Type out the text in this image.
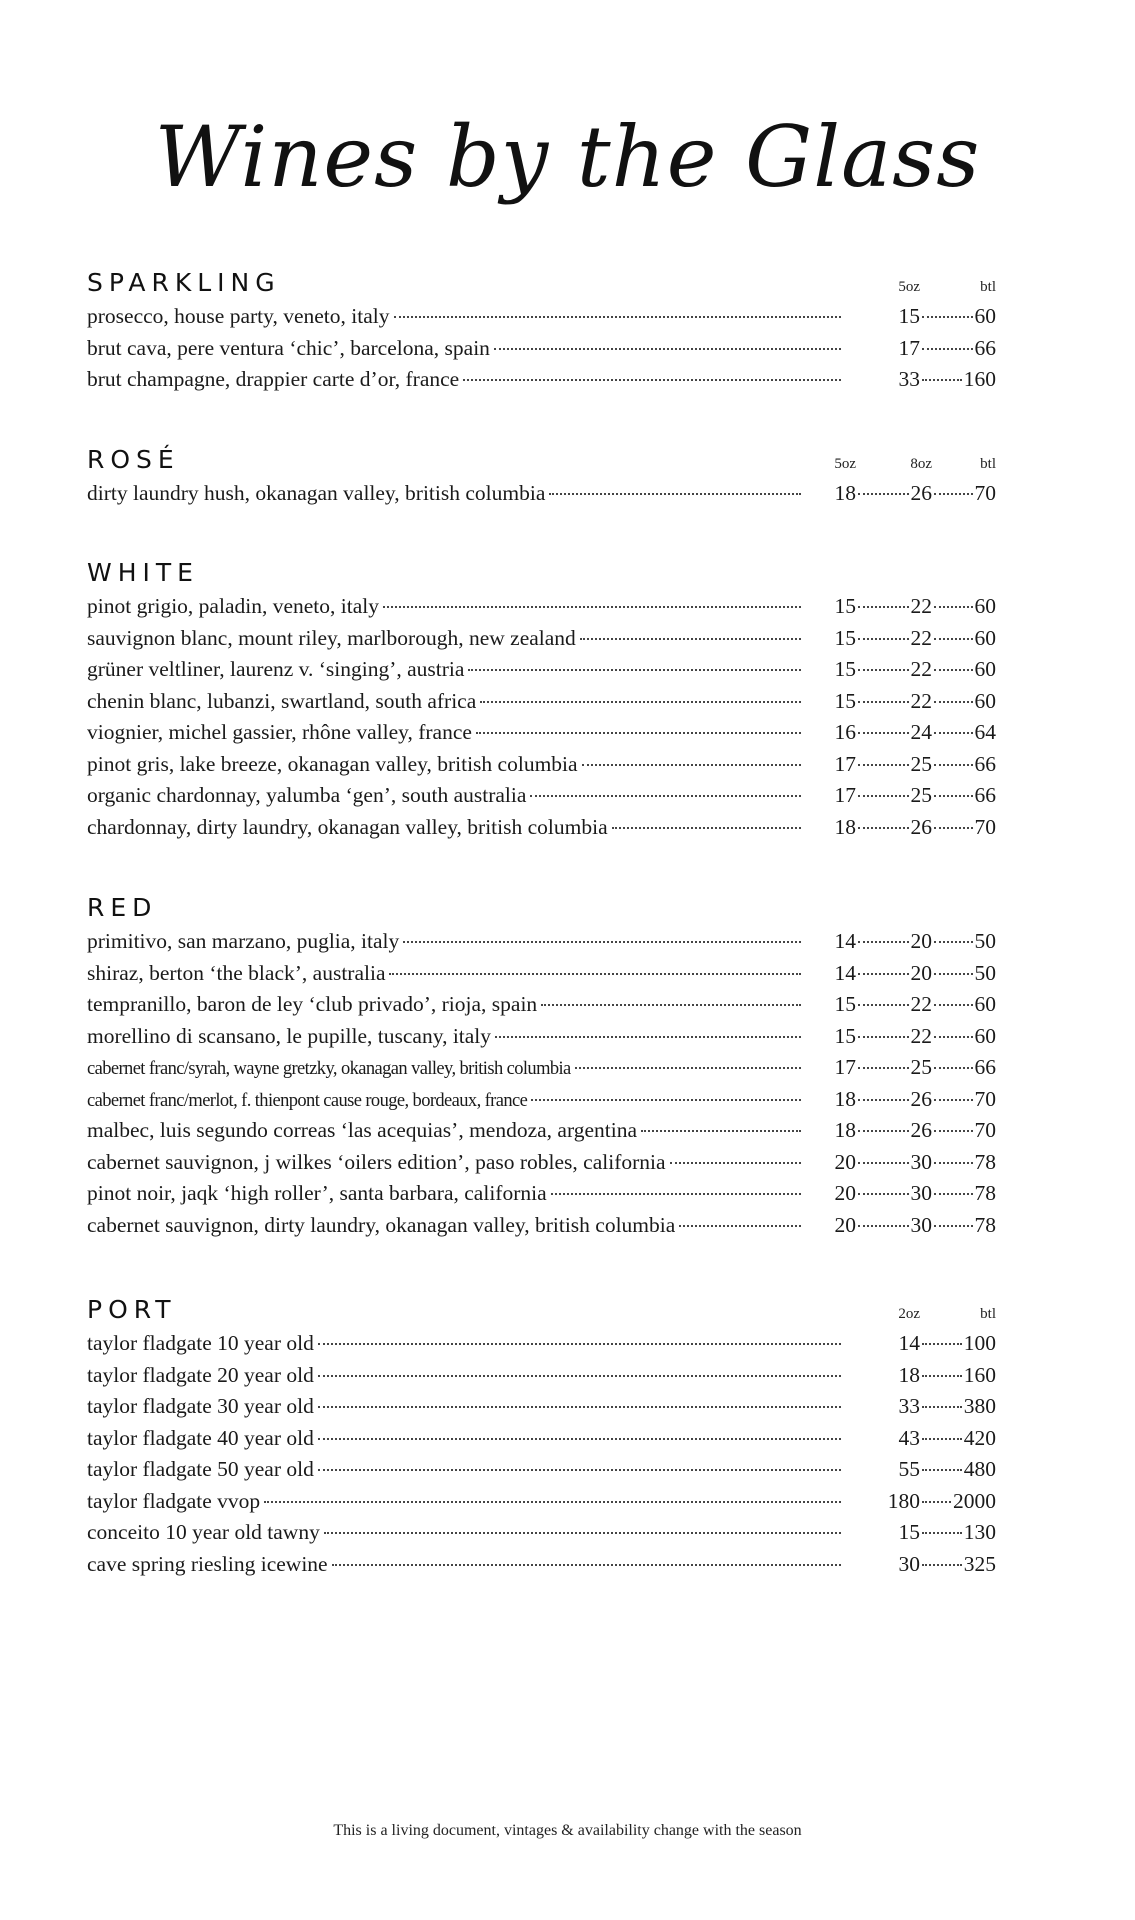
Wines by the Glass
SPARKLING	5oz	btl
prosecco, house party, veneto, italy	15	60
brut cava, pere ventura ‘chic’, barcelona, spain	17	66
brut champagne, drappier carte d’or, france	33 160
ROSÉ	5oz	8oz	btl
dirty laundry hush, okanagan valley, british columbia	18	26 70
WHITE
pinot grigio, paladin, veneto, italy	15	22 60
sauvignon blanc, mount riley, marlborough, new zealand	15	22 60
grüner veltliner, laurenz v. ‘singing’, austria	15	22 60
chenin blanc, lubanzi, swartland, south africa	15	22 60
viognier, michel gassier, rhône valley, france	16	24 64
pinot gris, lake breeze, okanagan valley, british columbia	17	25 66
organic chardonnay, yalumba ‘gen’, south australia	17	25 66
chardonnay, dirty laundry, okanagan valley, british columbia	18	26 70
RED
primitivo, san marzano, puglia, italy	14	20 50
shiraz, berton ‘the black’, australia	14	20 50
tempranillo, baron de ley ‘club privado’, rioja, spain	15	22 60
morellino di scansano, le pupille, tuscany, italy	15	22 60
cabernet franc/syrah, wayne gretzky, okanagan valley, british columbia	17	25 66
cabernet franc/merlot, f. thienpont cause rouge, bordeaux, france	18	26 70
malbec, luis segundo correas ‘las acequias’, mendoza, argentina	18	26 70
cabernet sauvignon, j wilkes ‘oilers edition’, paso robles, california	20	30 78
pinot noir, jaqk ‘high roller’, santa barbara, california	20	30 78
cabernet sauvignon, dirty laundry, okanagan valley, british columbia	20	30 78
PORT	2oz	btl
taylor fladgate 10 year old	14 100
taylor fladgate 20 year old	18 160
taylor fladgate 30 year old	33 380
taylor fladgate 40 year old	43 420
taylor fladgate 50 year old	55 480
taylor fladgate vvop	180 2000
conceito 10 year old tawny	15 130
cave spring riesling icewine	30 325
This is a living document, vintages & availability change with the season
